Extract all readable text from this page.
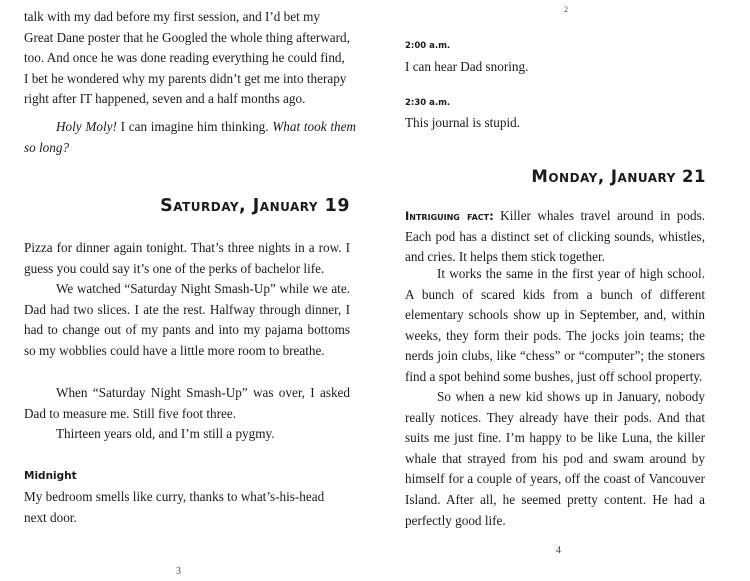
talk with my dad before my first session, and I’d bet my
Great Dane poster that he Googled the whole thing afterward,
too. And once he was done reading everything he could find,
I bet he wondered why my parents didn’t get me into therapy
right after IT happened, seven and a half months ago.

Holy Moly! I can imagine him thinking. What took them so long?

Saturday, January 19

Pizza for dinner again tonight. That’s three nights in a row. I guess you could say it’s one of the perks of bachelor life.

We watched “Saturday Night Smash-Up” while we ate. Dad had two slices. I ate the rest. Halfway through dinner, I had to change out of my pants and into my pajama bottoms so my wobblies could have a little more room to breathe.

When “Saturday Night Smash-Up” was over, I asked Dad to measure me. Still five foot three.

Thirteen years old, and I’m still a pygmy.

Midnight

My bedroom smells like curry, thanks to what’s-his-head next door.

3

2

2:00 a.m.

I can hear Dad snoring.

2:30 a.m.

This journal is stupid.

Monday, January 21

Intriguing fact: Killer whales travel around in pods. Each pod has a distinct set of clicking sounds, whistles, and cries. It helps them stick together.

It works the same in the first year of high school. A bunch of scared kids from a bunch of different elementary schools show up in September, and, within weeks, they form their pods. The jocks join teams; the nerds join clubs, like “chess” or “computer”; the stoners find a spot behind some bushes, just off school property.

So when a new kid shows up in January, nobody really notices. They already have their pods. And that suits me just fine. I’m happy to be like Luna, the killer whale that strayed from his pod and swam around by himself for a couple of years, off the coast of Vancouver Island. After all, he seemed pretty content. He had a perfectly good life.

4
